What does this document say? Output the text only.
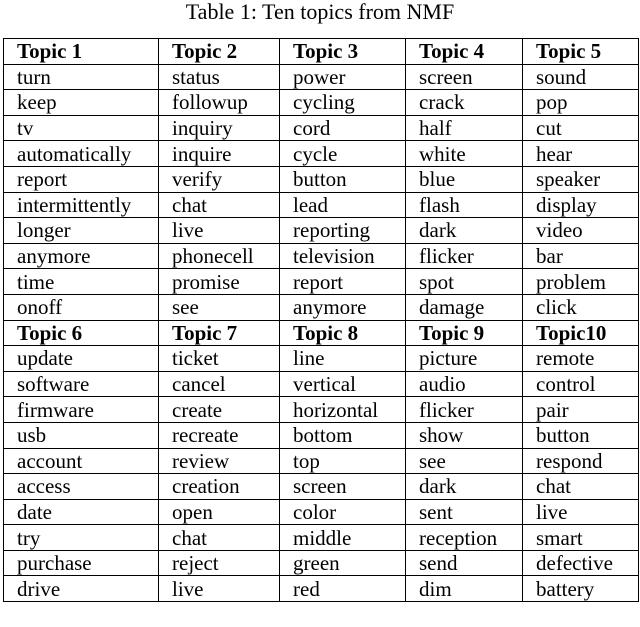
Table 1: Ten topics from NMF
Topic 1	Topic 2	Topic 3	Topic 4	Topic 5
turn	status	power	screen	sound
keep	followup	cycling	crack	pop
tv	inquiry	cord	half	cut
automatically	inquire	cycle	white	hear
report	verify	button	blue	speaker
intermittently	chat	lead	flash	display
longer	live	reporting	dark	video
anymore	phonecell	television	flicker	bar
time	promise	report	spot	problem
onoff	see	anymore	damage	click
Topic 6	Topic 7	Topic 8	Topic 9	Topic10
update	ticket	line	picture	remote
software	cancel	vertical	audio	control
firmware	create	horizontal	flicker	pair
usb	recreate	bottom	show	button
account	review	top	see	respond
access	creation	screen	dark	chat
date	open	color	sent	live
try	chat	middle	reception	smart
purchase	reject	green	send	defective
drive	live	red	dim	battery
